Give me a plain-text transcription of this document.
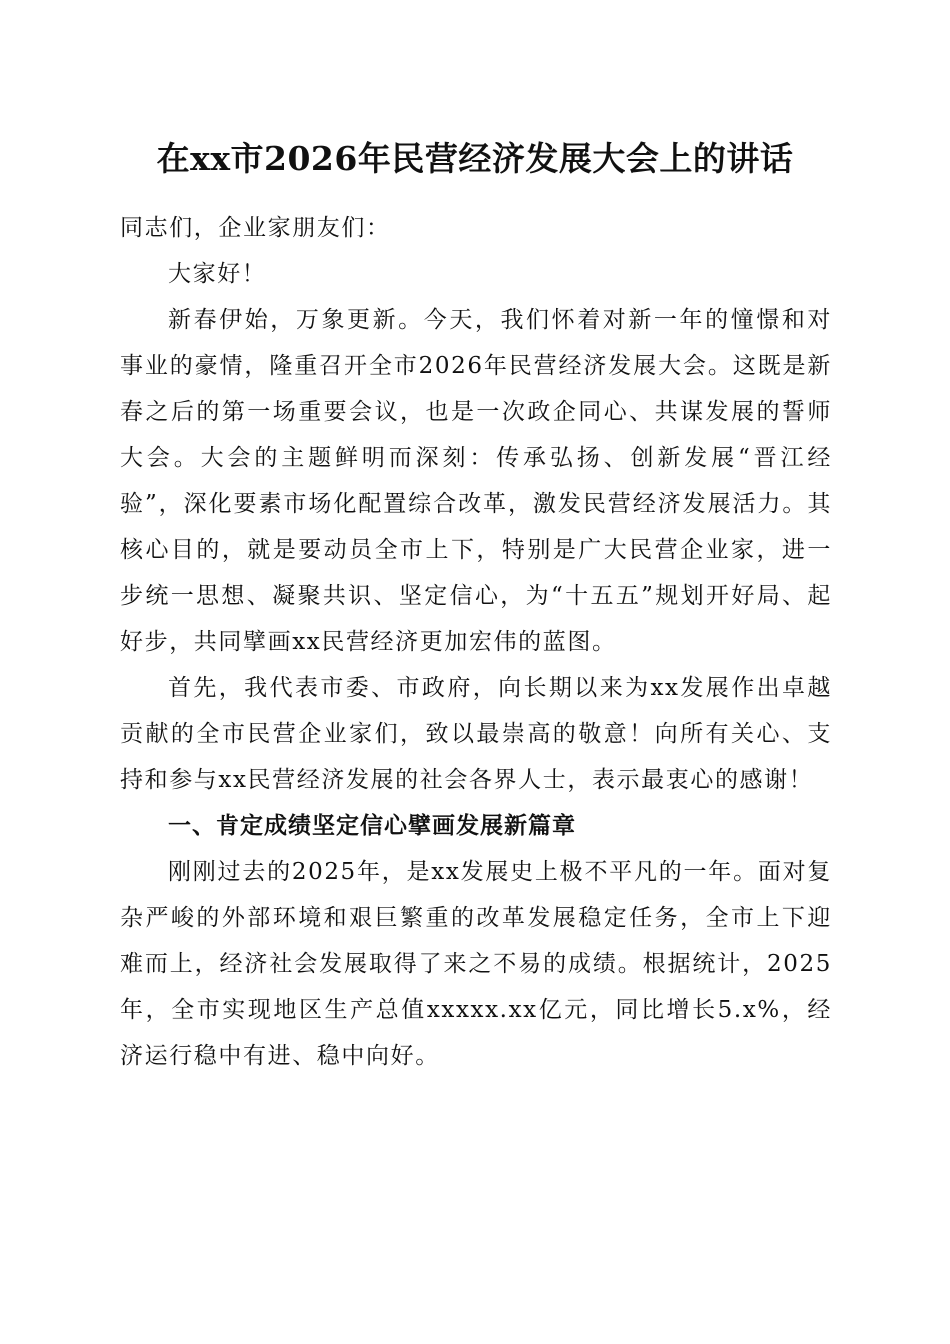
在xx市2026年民营经济发展大会上的讲话

同志们，企业家朋友们：

大家好！

新春伊始，万象更新。今天，我们怀着对新一年的憧憬和对事业的豪情，隆重召开全市2026年民营经济发展大会。这既是新春之后的第一场重要会议，也是一次政企同心、共谋发展的誓师大会。大会的主题鲜明而深刻：传承弘扬、创新发展“晋江经验”，深化要素市场化配置综合改革，激发民营经济发展活力。其核心目的，就是要动员全市上下，特别是广大民营企业家，进一步统一思想、凝聚共识、坚定信心，为“十五五”规划开好局、起好步，共同擘画xx民营经济更加宏伟的蓝图。

首先，我代表市委、市政府，向长期以来为xx发展作出卓越贡献的全市民营企业家们，致以最崇高的敬意！向所有关心、支持和参与xx民营经济发展的社会各界人士，表示最衷心的感谢！

一、肯定成绩坚定信心擘画发展新篇章

刚刚过去的2025年，是xx发展史上极不平凡的一年。面对复杂严峻的外部环境和艰巨繁重的改革发展稳定任务，全市上下迎难而上，经济社会发展取得了来之不易的成绩。根据统计，2025年，全市实现地区生产总值xxxxx.xx亿元，同比增长5.x%，经济运行稳中有进、稳中向好。
